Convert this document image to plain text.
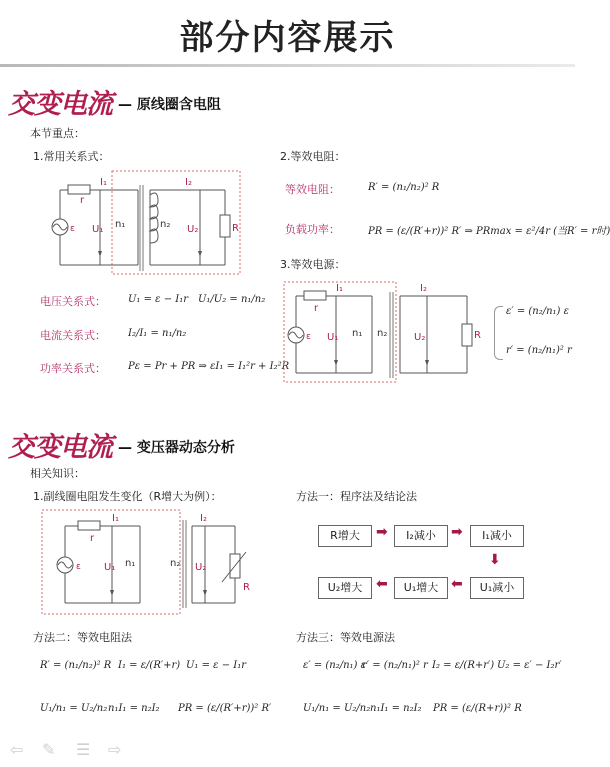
部分内容展示
交变电流 — 原线圈含电阻
本节重点：
1.常用关系式：	2.等效电阻：
r
I₁	I₂
ε U₁ n₁	n₂ U₂	R
电压关系式： U₁ = ε − I₁r U₁/U₂ = n₁/n₂
电流关系式： I₂/I₁ = n₁/n₂
功率关系式： Pε = Pr + PR ⇒ εI₁ = I₁²r + I₂²R
等效电阻：	R′ = (n₁/n₂)² R
负载功率：	PR = (ε/(R′+r))² R′ ⇒ PRmax = ε²/4r (当R′ = r时)
3.等效电源：
r
I₁	I₂
ε U₁ n₁ n₂	U₂	R
ε′ = (n₂/n₁) ε
r′ = (n₂/n₁)² r
交变电流 — 变压器动态分析
相关知识：
1.副线圈电阻发生变化（R增大为例）：	方法一：程序法及结论法
r
I₁	I₂
ε U₁ n₁	n₂ U₂
R
R增大	➡	I₂减小	➡	I₁减小
⬇
U₁减小
⬅
U₁增大
⬅
U₂增大
方法二：等效电阻法	方法三：等效电源法
R′ = (n₁/n₂)² R I₁ = ε/(R′+r) U₁ = ε − I₁r
U₁/n₁ = U₂/n₂ n₁I₁ = n₂I₂ PR = (ε/(R′+r))² R′
ε′ = (n₂/n₁) ε
r′ = (n₂/n₁)² r I₂ = ε/(R+r′) U₂ = ε′ − I₂r′
U₁/n₁ = U₂/n₂ n₁I₁ = n₂I₂ PR = (ε/(R+r))² R
⇦ ✎ ☰ ⇨
